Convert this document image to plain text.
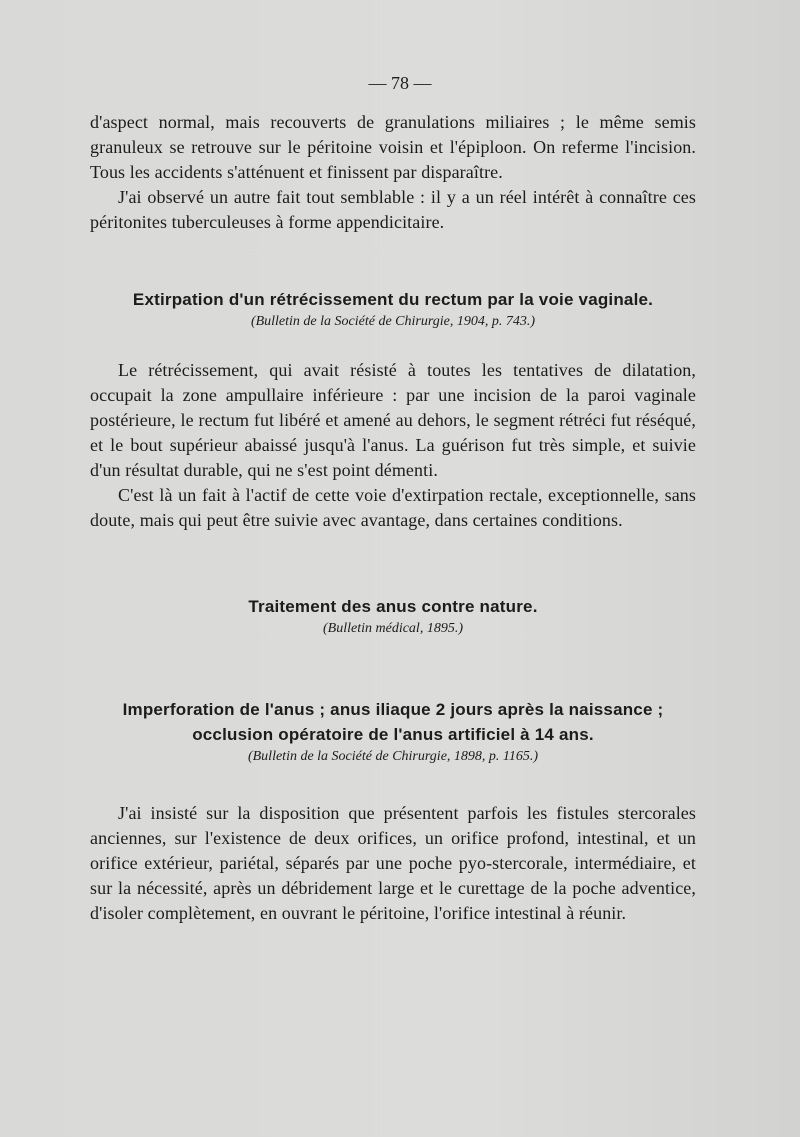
— 78 —

d'aspect normal, mais recouverts de granulations miliaires ; le même semis granuleux se retrouve sur le péritoine voisin et l'épiploon. On referme l'incision. Tous les accidents s'atténuent et finissent par disparaître.

J'ai observé un autre fait tout semblable : il y a un réel intérêt à connaître ces péritonites tuberculeuses à forme appendicitaire.

Extirpation d'un rétrécissement du rectum par la voie vaginale.
(Bulletin de la Société de Chirurgie, 1904, p. 743.)

Le rétrécissement, qui avait résisté à toutes les tentatives de dilatation, occupait la zone ampullaire inférieure : par une incision de la paroi vaginale postérieure, le rectum fut libéré et amené au dehors, le segment rétréci fut réséqué, et le bout supérieur abaissé jusqu'à l'anus. La guérison fut très simple, et suivie d'un résultat durable, qui ne s'est point démenti.

C'est là un fait à l'actif de cette voie d'extirpation rectale, exceptionnelle, sans doute, mais qui peut être suivie avec avantage, dans certaines conditions.

Traitement des anus contre nature.
(Bulletin médical, 1895.)
Imperforation de l'anus ; anus iliaque 2 jours après la naissance ; occlusion opératoire de l'anus artificiel à 14 ans.
(Bulletin de la Société de Chirurgie, 1898, p. 1165.)

J'ai insisté sur la disposition que présentent parfois les fistules stercorales anciennes, sur l'existence de deux orifices, un orifice profond, intestinal, et un orifice extérieur, pariétal, séparés par une poche pyo-stercorale, intermédiaire, et sur la nécessité, après un débridement large et le curettage de la poche adventice, d'isoler complètement, en ouvrant le péritoine, l'orifice intestinal à réunir.
